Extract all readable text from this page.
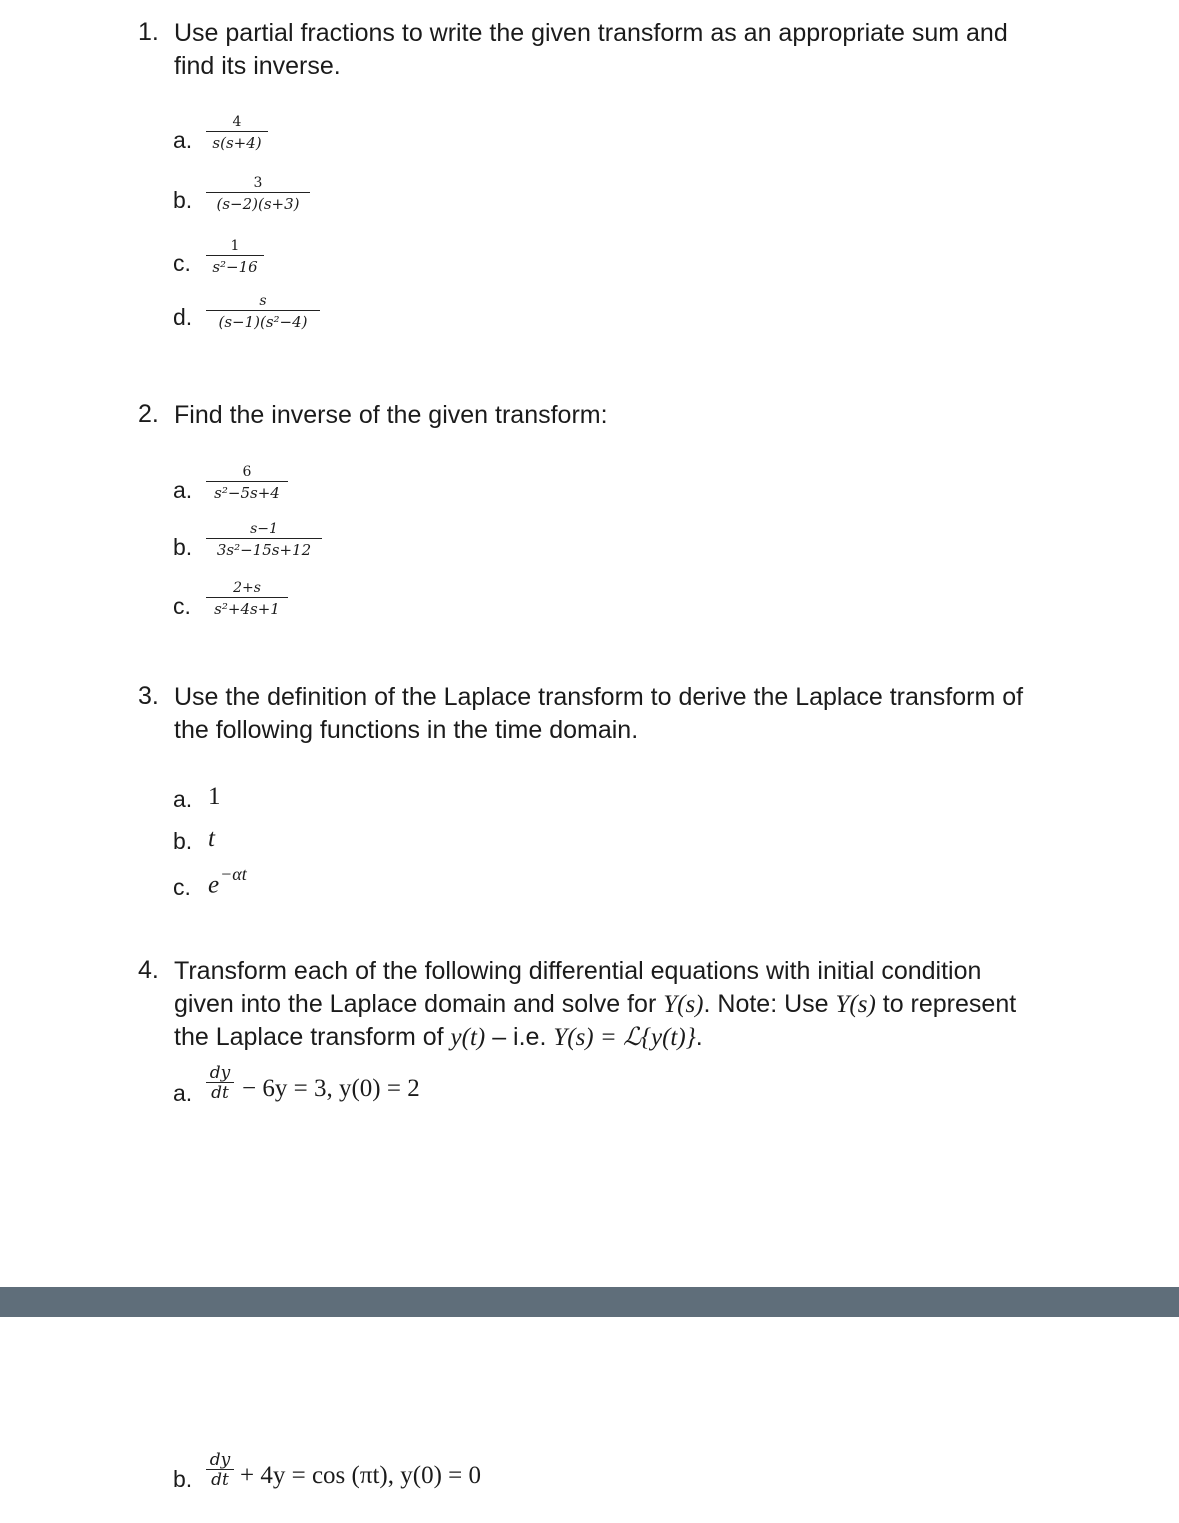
1. Use partial fractions to write the given transform as an appropriate sum and find its inverse.
a.
4
s(s+4)
b.
3
(s−2)(s+3)
c.
1
s²−16
d.
s
(s−1)(s²−4)
2. Find the inverse of the given transform:
a.
6
s²−5s+4
b.
s−1
3s²−15s+12
c.
2+s
s²+4s+1
3. Use the definition of the Laplace transform to derive the Laplace transform of the following functions in the time domain.
a. 1
b. t
c. $e^{-\alpha t}$
4. Transform each of the following differential equations with initial condition
given into the Laplace domain and solve for Y(s). Note: Use Y(s) to represent
the Laplace transform of y(t) – i.e. Y(s) = ℒ{y(t)}.
a.
dy
dt − 6y = 3, y(0) = 2
b.
dy
dt + 4y = cos (πt), y(0) = 0
